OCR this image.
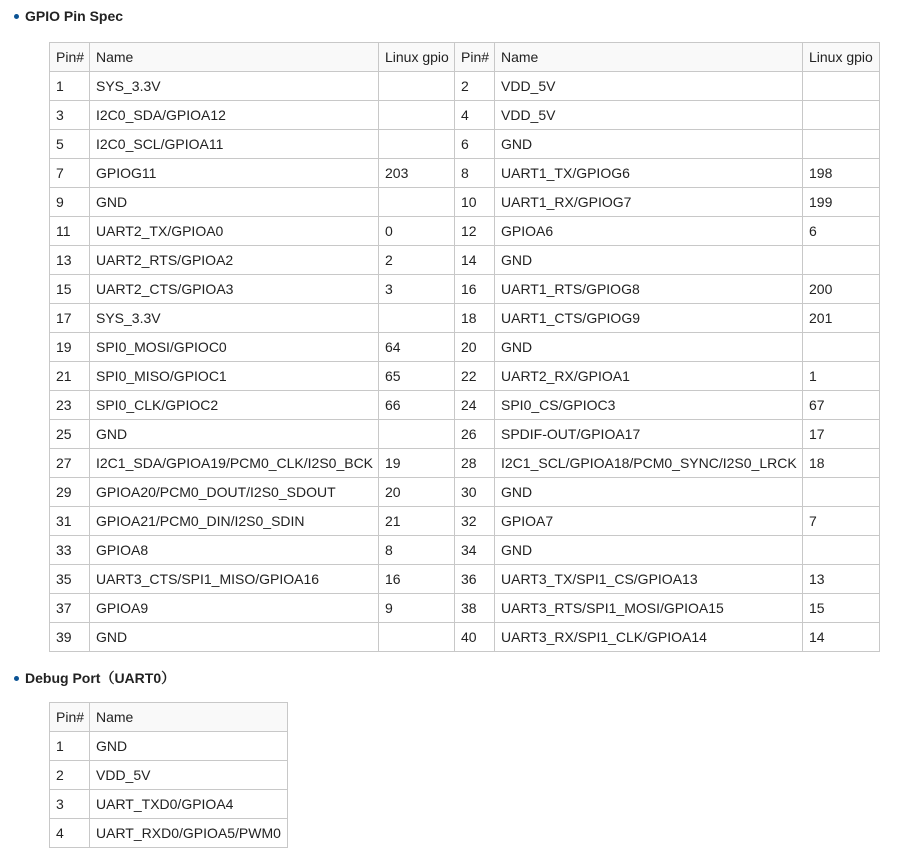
GPIO Pin Spec
Pin#	Name	Linux gpio	Pin#	Name	Linux gpio
1	SYS_3.3V		2	VDD_5V	
3	I2C0_SDA/GPIOA12		4	VDD_5V	
5	I2C0_SCL/GPIOA11		6	GND	
7	GPIOG11	203	8	UART1_TX/GPIOG6	198
9	GND		10	UART1_RX/GPIOG7	199
11	UART2_TX/GPIOA0	0	12	GPIOA6	6
13	UART2_RTS/GPIOA2	2	14	GND	
15	UART2_CTS/GPIOA3	3	16	UART1_RTS/GPIOG8	200
17	SYS_3.3V		18	UART1_CTS/GPIOG9	201
19	SPI0_MOSI/GPIOC0	64	20	GND	
21	SPI0_MISO/GPIOC1	65	22	UART2_RX/GPIOA1	1
23	SPI0_CLK/GPIOC2	66	24	SPI0_CS/GPIOC3	67
25	GND		26	SPDIF-OUT/GPIOA17	17
27	I2C1_SDA/GPIOA19/PCM0_CLK/I2S0_BCK	19	28	I2C1_SCL/GPIOA18/PCM0_SYNC/I2S0_LRCK	18
29	GPIOA20/PCM0_DOUT/I2S0_SDOUT	20	30	GND	
31	GPIOA21/PCM0_DIN/I2S0_SDIN	21	32	GPIOA7	7
33	GPIOA8	8	34	GND	
35	UART3_CTS/SPI1_MISO/GPIOA16	16	36	UART3_TX/SPI1_CS/GPIOA13	13
37	GPIOA9	9	38	UART3_RTS/SPI1_MOSI/GPIOA15	15
39	GND		40	UART3_RX/SPI1_CLK/GPIOA14	14
Debug Port（UART0）
Pin#	Name
1	GND
2	VDD_5V
3	UART_TXD0/GPIOA4
4	UART_RXD0/GPIOA5/PWM0
